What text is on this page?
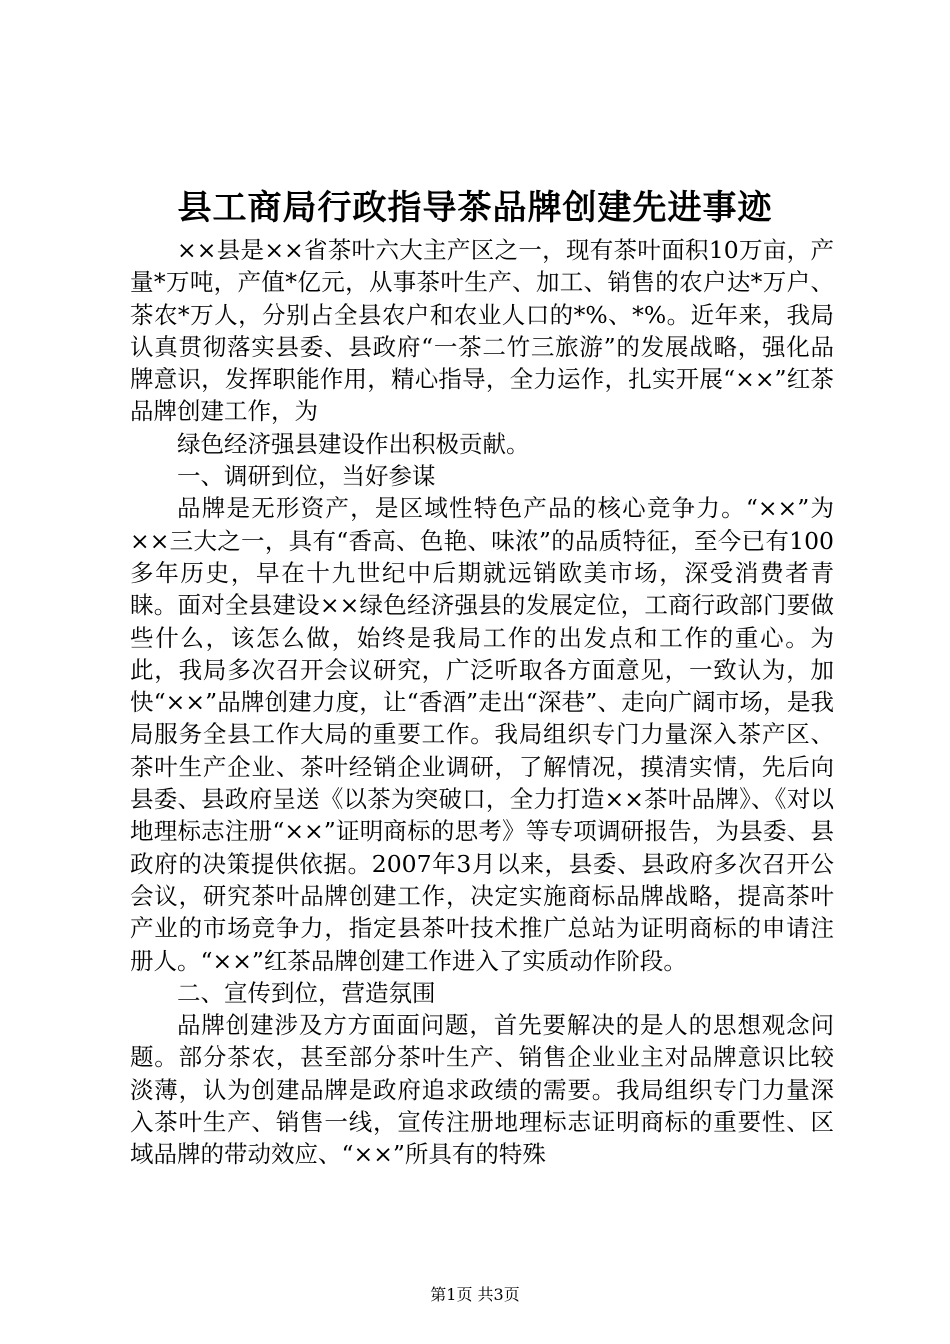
县工商局行政指导茶品牌创建先进事迹

××县是××省茶叶六大主产区之一，现有茶叶面积10万亩，产量*万吨，产值*亿元，从事茶叶生产、加工、销售的农户达*万户、茶农*万人，分别占全县农户和农业人口的*%、*%。近年来，我局认真贯彻落实县委、县政府“一茶二竹三旅游”的发展战略，强化品牌意识，发挥职能作用，精心指导，全力运作，扎实开展“××”红茶品牌创建工作，为

绿色经济强县建设作出积极贡献。

一、调研到位，当好参谋

品牌是无形资产，是区域性特色产品的核心竞争力。“××”为××三大之一，具有“香高、色艳、味浓”的品质特征，至今已有100多年历史，早在十九世纪中后期就远销欧美市场，深受消费者青睐。面对全县建设××绿色经济强县的发展定位，工商行政部门要做些什么，该怎么做，始终是我局工作的出发点和工作的重心。为此，我局多次召开会议研究，广泛听取各方面意见，一致认为，加快“××”品牌创建力度，让“香酒”走出“深巷”、走向广阔市场，是我局服务全县工作大局的重要工作。我局组织专门力量深入茶产区、茶叶生产企业、茶叶经销企业调研，了解情况，摸清实情，先后向县委、县政府呈送《以茶为突破口，全力打造××茶叶品牌》、《对以地理标志注册“××”证明商标的思考》等专项调研报告，为县委、县政府的决策提供依据。2007年3月以来，县委、县政府多次召开公会议，研究茶叶品牌创建工作，决定实施商标品牌战略，提高茶叶产业的市场竞争力，指定县茶叶技术推广总站为证明商标的申请注册人。“××”红茶品牌创建工作进入了实质动作阶段。

二、宣传到位，营造氛围

品牌创建涉及方方面面问题，首先要解决的是人的思想观念问题。部分茶农，甚至部分茶叶生产、销售企业业主对品牌意识比较淡薄，认为创建品牌是政府追求政绩的需要。我局组织专门力量深入茶叶生产、销售一线，宣传注册地理标志证明商标的重要性、区域品牌的带动效应、“××”所具有的特殊

第1页 共3页
